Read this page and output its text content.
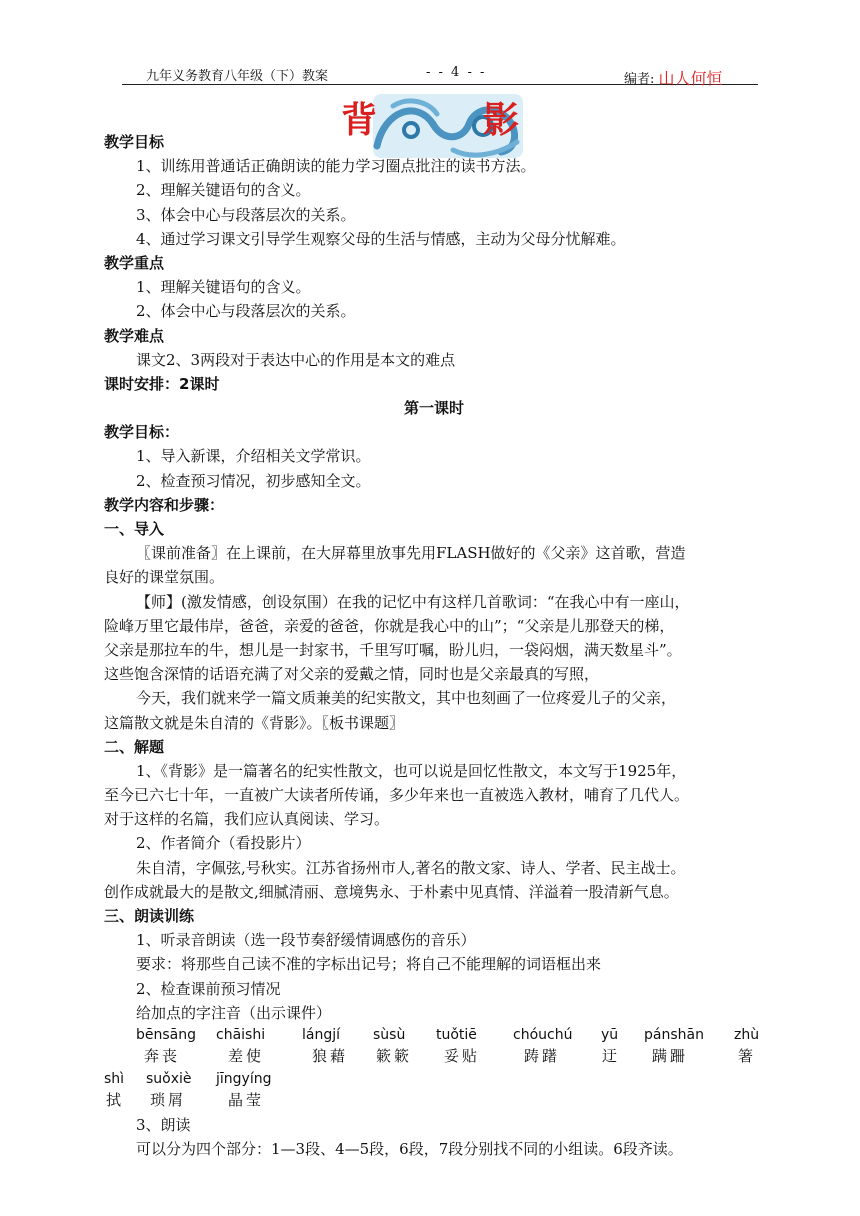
九年义务教育八年级（下）教案	- - 4 - -	编者: 山人何恒
背	影
教学目标
1、训练用普通话正确朗读的能力学习圈点批注的读书方法。
2、理解关键语句的含义。
3、体会中心与段落层次的关系。
4、通过学习课文引导学生观察父母的生活与情感，主动为父母分忧解难。
教学重点
1、理解关键语句的含义。
2、体会中心与段落层次的关系。
教学难点
课文2、3两段对于表达中心的作用是本文的难点
课时安排：2课时
第一课时
教学目标：
1、导入新课，介绍相关文学常识。
2、检查预习情况，初步感知全文。
教学内容和步骤：
一、导入
〖课前准备〗在上课前，在大屏幕里放事先用FLASH做好的《父亲》这首歌，营造
良好的课堂氛围。
【师】(激发情感，创设氛围）在我的记忆中有这样几首歌词：“在我心中有一座山，
险峰万里它最伟岸，爸爸，亲爱的爸爸，你就是我心中的山”；“父亲是儿那登天的梯，
父亲是那拉车的牛，想儿是一封家书，千里写叮嘱，盼儿归，一袋闷烟，满天数星斗”。
这些饱含深情的话语充满了对父亲的爱戴之情，同时也是父亲最真的写照，
今天，我们就来学一篇文质兼美的纪实散文，其中也刻画了一位疼爱儿子的父亲，
这篇散文就是朱自清的《背影》。〖板书课题〗
二、解题
1、《背影》是一篇著名的纪实性散文，也可以说是回忆性散文，本文写于1925年，
至今已六七十年，一直被广大读者所传诵，多少年来也一直被选入教材，哺育了几代人。
对于这样的名篇，我们应认真阅读、学习。
2、作者简介（看投影片）
朱自清，字佩弦,号秋实。江苏省扬州市人,著名的散文家、诗人、学者、民主战士。
创作成就最大的是散文,细腻清丽、意境隽永、于朴素中见真情、洋溢着一股清新气息。
三、朗读训练
1、听录音朗读（选一段节奏舒缓情调感伤的音乐）
要求：将那些自己读不准的字标出记号；将自己不能理解的词语框出来
2、检查课前预习情况
给加点的字注音（出示课件）
bēnsāng chāishi	lángjí sùsù tuǒtiē	chóuchú yū pánshān zhù
奔丧	差使	狼藉 簌簌 妥贴	踌躇	迂 蹒跚	箸
shì suǒxiè jīngyíng
拭 琐屑	晶莹
3、朗读
可以分为四个部分：1—3段、4—5段，6段，7段分别找不同的小组读。6段齐读。
